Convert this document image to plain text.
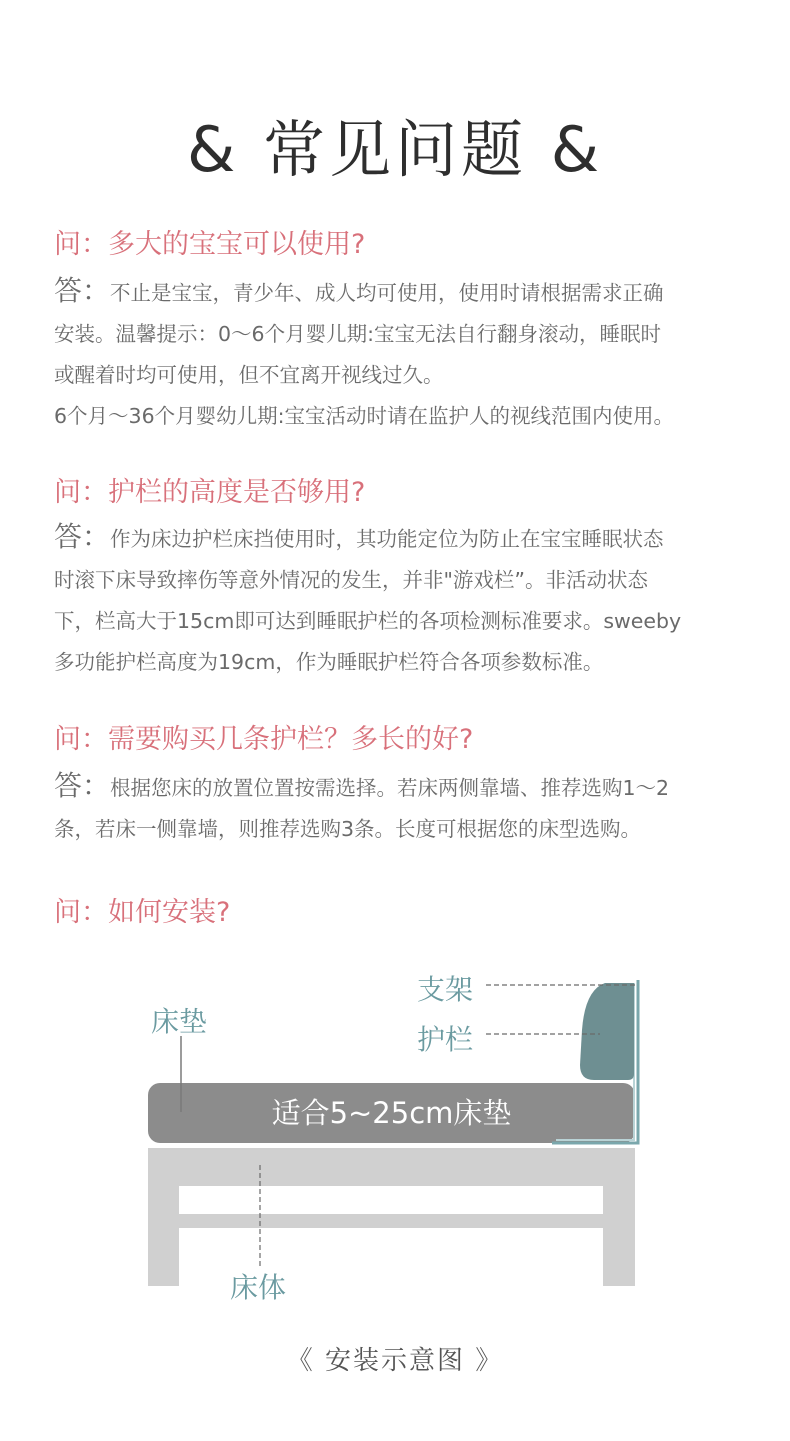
& 常见问题 &
问：多大的宝宝可以使用?
答：不止是宝宝，青少年、成人均可使用，使用时请根据需求正确
安装。温馨提示：0～6个月婴儿期:宝宝无法自行翻身滚动，睡眠时
或醒着时均可使用，但不宜离开视线过久。
6个月～36个月婴幼儿期:宝宝活动时请在监护人的视线范围内使用。
问：护栏的高度是否够用?
答：作为床边护栏床挡使用时，其功能定位为防止在宝宝睡眠状态
时滚下床导致摔伤等意外情况的发生，并非"游戏栏”。非活动状态
下，栏高大于15cm即可达到睡眠护栏的各项检测标准要求。sweeby
多功能护栏高度为19cm，作为睡眠护栏符合各项参数标准。
问：需要购买几条护栏？多长的好?
答：根据您床的放置位置按需选择。若床两侧靠墙、推荐选购1～2
条，若床一侧靠墙，则推荐选购3条。长度可根据您的床型选购。
问：如何安装?
床垫
支架
护栏
适合5~25cm床垫
床体
《 安装示意图 》
